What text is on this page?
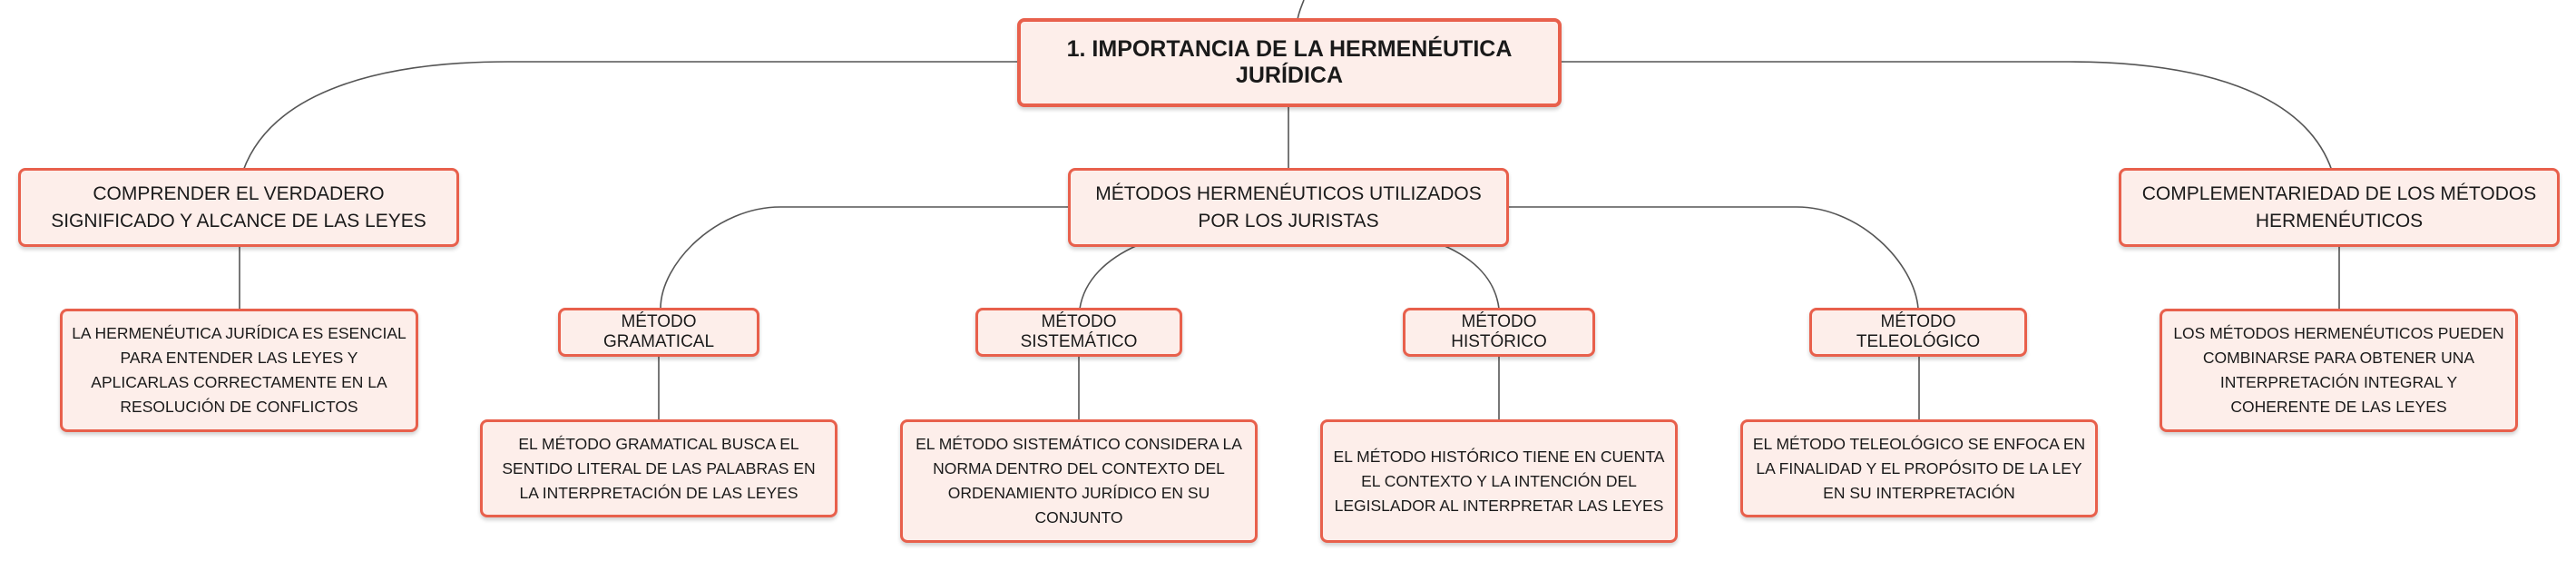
1. IMPORTANCIA DE LA HERMENÉUTICA JURÍDICA
COMPRENDER EL VERDADERO SIGNIFICADO Y ALCANCE DE LAS LEYES
MÉTODOS HERMENÉUTICOS UTILIZADOS POR LOS JURISTAS
COMPLEMENTARIEDAD DE LOS MÉTODOS HERMENÉUTICOS
LA HERMENÉUTICA JURÍDICA ES ESENCIAL PARA ENTENDER LAS LEYES Y APLICARLAS CORRECTAMENTE EN LA RESOLUCIÓN DE CONFLICTOS
LOS MÉTODOS HERMENÉUTICOS PUEDEN COMBINARSE PARA OBTENER UNA INTERPRETACIÓN INTEGRAL Y COHERENTE DE LAS LEYES
MÉTODO GRAMATICAL
MÉTODO SISTEMÁTICO
MÉTODO HISTÓRICO
MÉTODO TELEOLÓGICO
EL MÉTODO GRAMATICAL BUSCA EL SENTIDO LITERAL DE LAS PALABRAS EN LA INTERPRETACIÓN DE LAS LEYES
EL MÉTODO SISTEMÁTICO CONSIDERA LA NORMA DENTRO DEL CONTEXTO DEL ORDENAMIENTO JURÍDICO EN SU CONJUNTO
EL MÉTODO HISTÓRICO TIENE EN CUENTA EL CONTEXTO Y LA INTENCIÓN DEL LEGISLADOR AL INTERPRETAR LAS LEYES
EL MÉTODO TELEOLÓGICO SE ENFOCA EN LA FINALIDAD Y EL PROPÓSITO DE LA LEY EN SU INTERPRETACIÓN
